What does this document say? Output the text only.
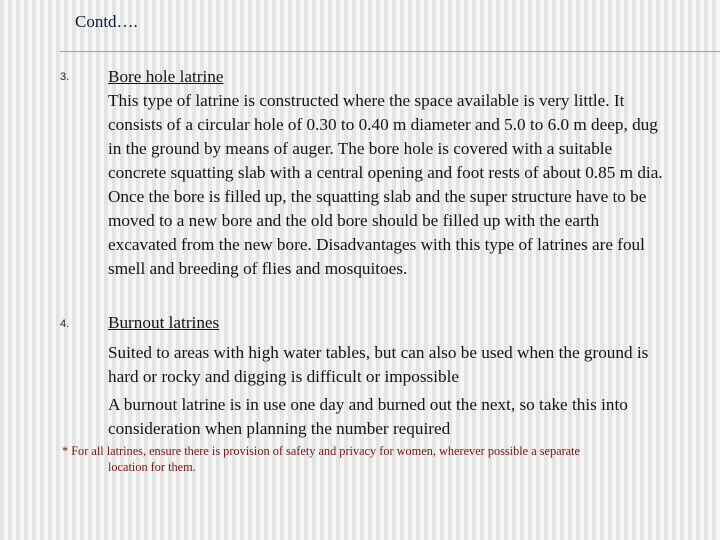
Contd….
3. Bore hole latrine

This type of latrine is constructed where the space available is very little. It consists of a circular hole of 0.30 to 0.40 m diameter and 5.0 to 6.0 m deep, dug in the ground by means of auger. The bore hole is covered with a suitable concrete squatting slab with a central opening and foot rests of about 0.85 m dia. Once the bore is filled up, the squatting slab and the super structure have to be moved to a new bore and the old bore should be filled up with the earth excavated from the new bore. Disadvantages with this type of latrines are foul smell and breeding of flies and mosquitoes.

4. Burnout latrines

Suited to areas with high water tables, but can also be used when the ground is hard or rocky and digging is difficult or impossible

A burnout latrine is in use one day and burned out the next, so take this into consideration when planning the number required

* For all latrines, ensure there is provision of safety and privacy for women, wherever possible a separate
location for them.
